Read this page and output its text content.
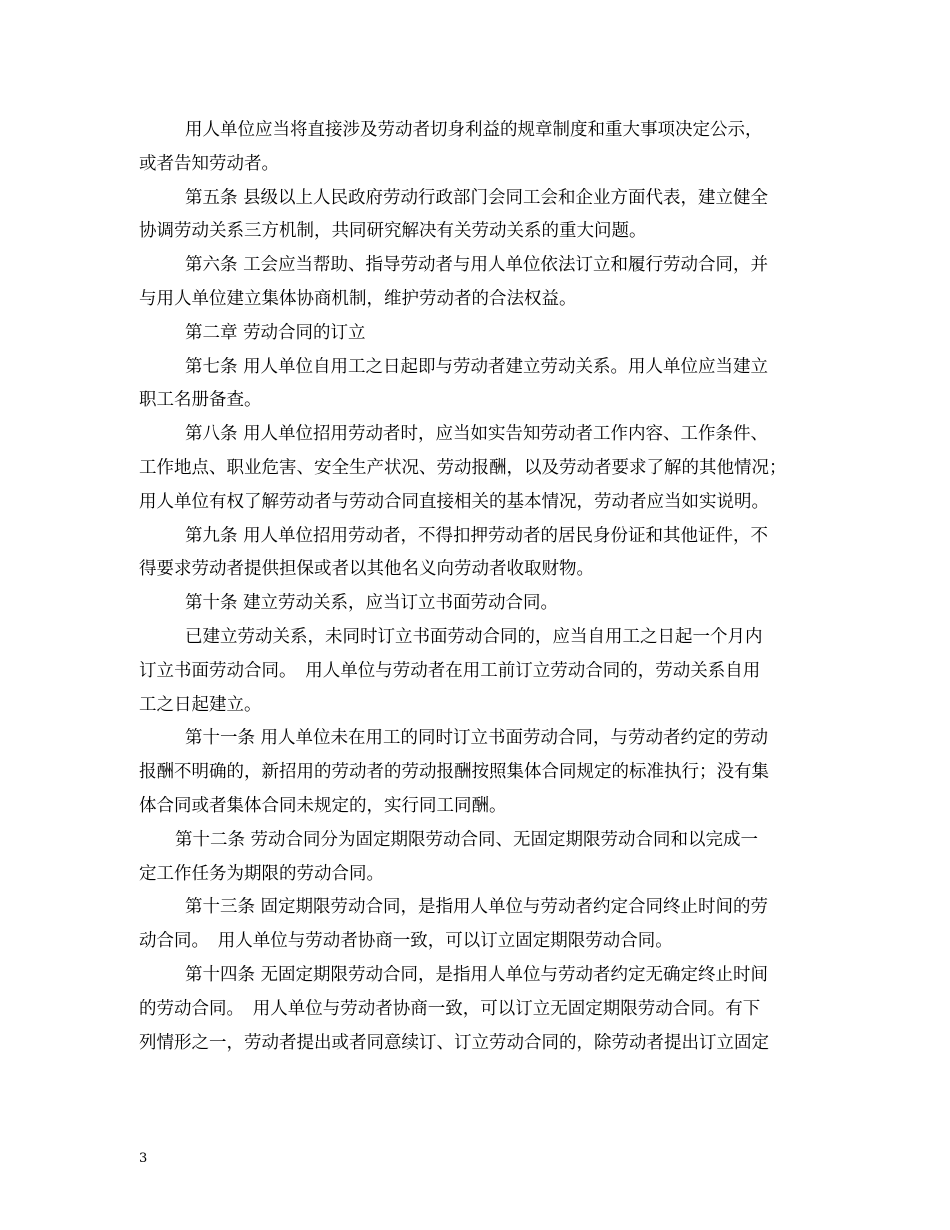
用人单位应当将直接涉及劳动者切身利益的规章制度和重大事项决定公示，
或者告知劳动者。
第五条 县级以上人民政府劳动行政部门会同工会和企业方面代表，建立健全
协调劳动关系三方机制，共同研究解决有关劳动关系的重大问题。
第六条 工会应当帮助、指导劳动者与用人单位依法订立和履行劳动合同，并
与用人单位建立集体协商机制，维护劳动者的合法权益。
第二章 劳动合同的订立
第七条 用人单位自用工之日起即与劳动者建立劳动关系。用人单位应当建立
职工名册备查。
第八条 用人单位招用劳动者时，应当如实告知劳动者工作内容、工作条件、
工作地点、职业危害、安全生产状况、劳动报酬，以及劳动者要求了解的其他情况；
用人单位有权了解劳动者与劳动合同直接相关的基本情况，劳动者应当如实说明。
第九条 用人单位招用劳动者，不得扣押劳动者的居民身份证和其他证件，不
得要求劳动者提供担保或者以其他名义向劳动者收取财物。
第十条 建立劳动关系，应当订立书面劳动合同。
已建立劳动关系，未同时订立书面劳动合同的，应当自用工之日起一个月内
订立书面劳动合同。　用人单位与劳动者在用工前订立劳动合同的，劳动关系自用
工之日起建立。
第十一条 用人单位未在用工的同时订立书面劳动合同，与劳动者约定的劳动
报酬不明确的，新招用的劳动者的劳动报酬按照集体合同规定的标准执行；没有集
体合同或者集体合同未规定的，实行同工同酬。
第十二条 劳动合同分为固定期限劳动合同、无固定期限劳动合同和以完成一
定工作任务为期限的劳动合同。
第十三条 固定期限劳动合同，是指用人单位与劳动者约定合同终止时间的劳
动合同。　用人单位与劳动者协商一致，可以订立固定期限劳动合同。
第十四条 无固定期限劳动合同，是指用人单位与劳动者约定无确定终止时间
的劳动合同。　用人单位与劳动者协商一致，可以订立无固定期限劳动合同。有下
列情形之一，劳动者提出或者同意续订、订立劳动合同的，除劳动者提出订立固定
3
